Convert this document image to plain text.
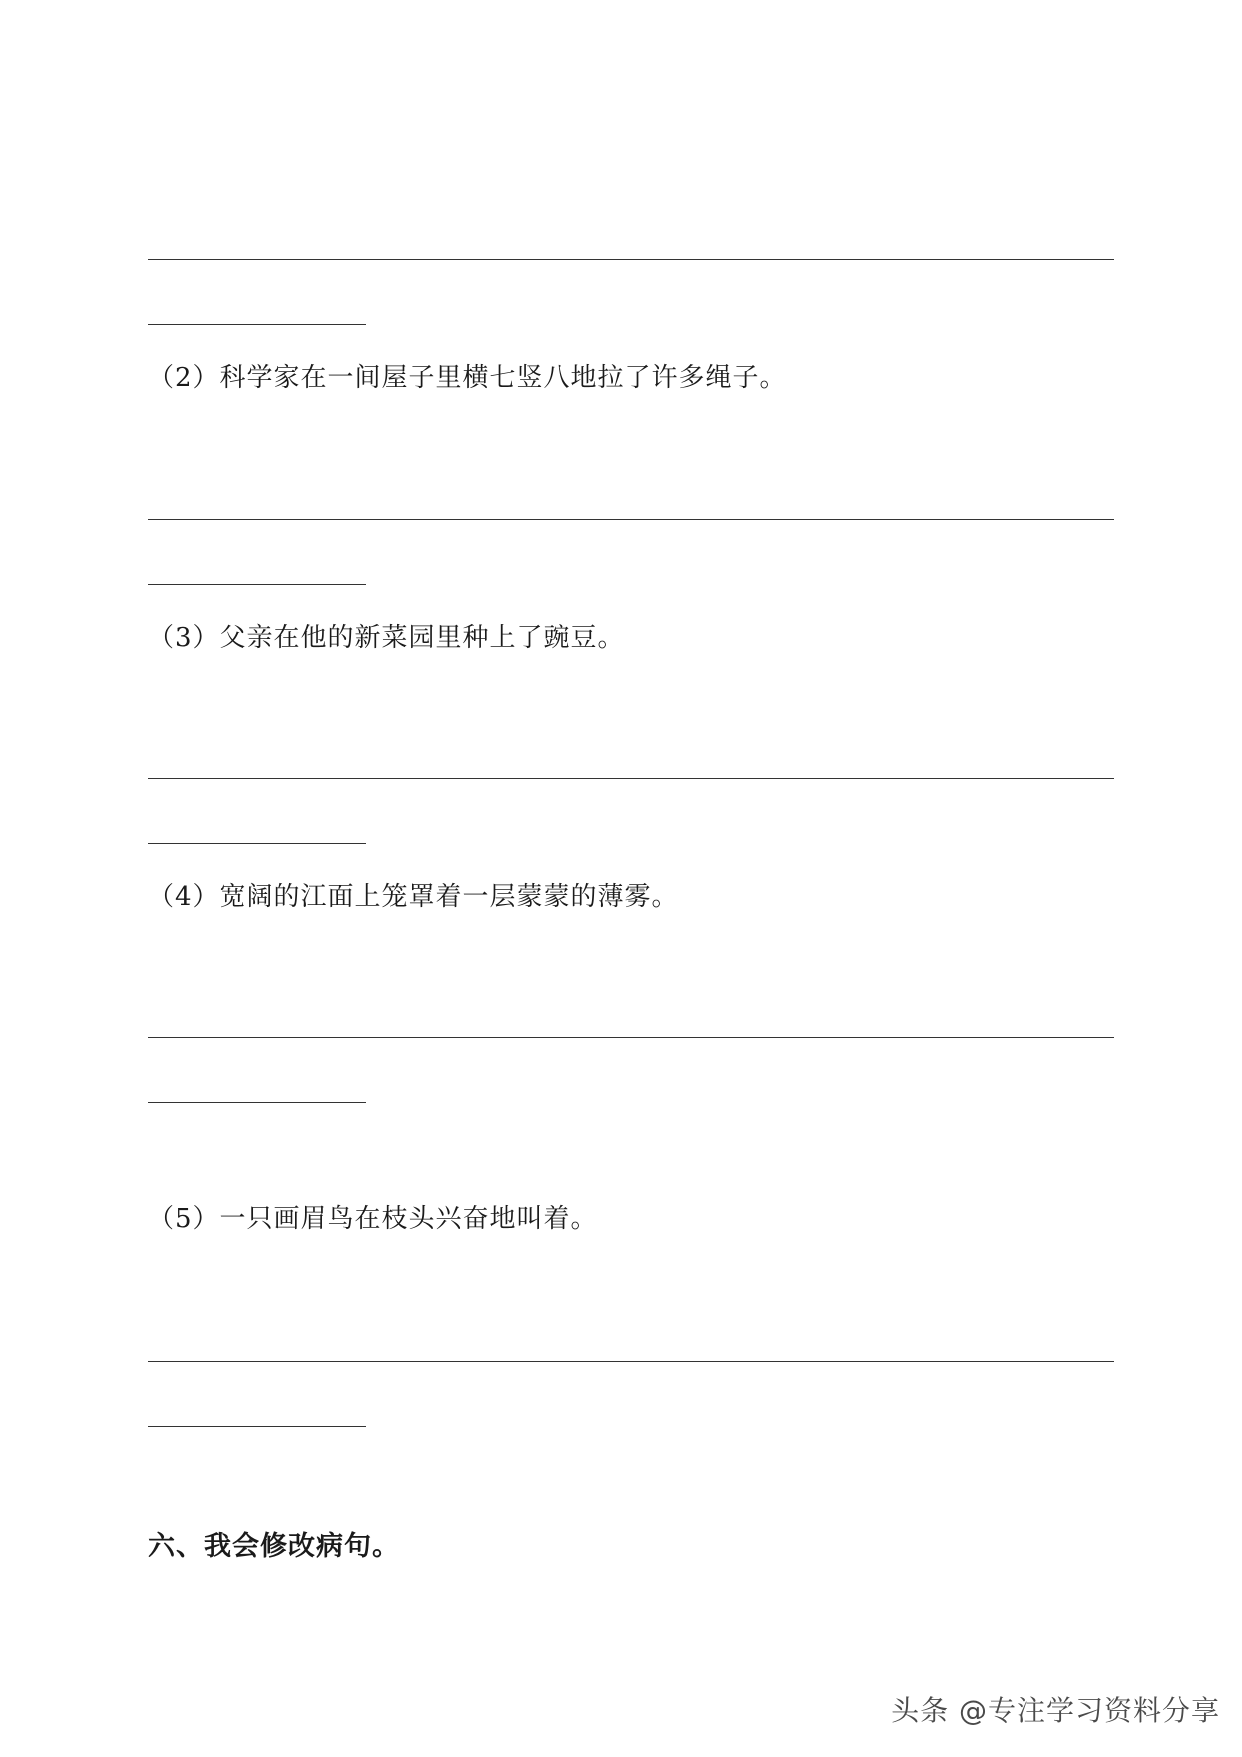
（2）科学家在一间屋子里横七竖八地拉了许多绳子。
（3）父亲在他的新菜园里种上了豌豆。
（4）宽阔的江面上笼罩着一层蒙蒙的薄雾。
（5）一只画眉鸟在枝头兴奋地叫着。
六、我会修改病句。
头条 @专注学习资料分享
